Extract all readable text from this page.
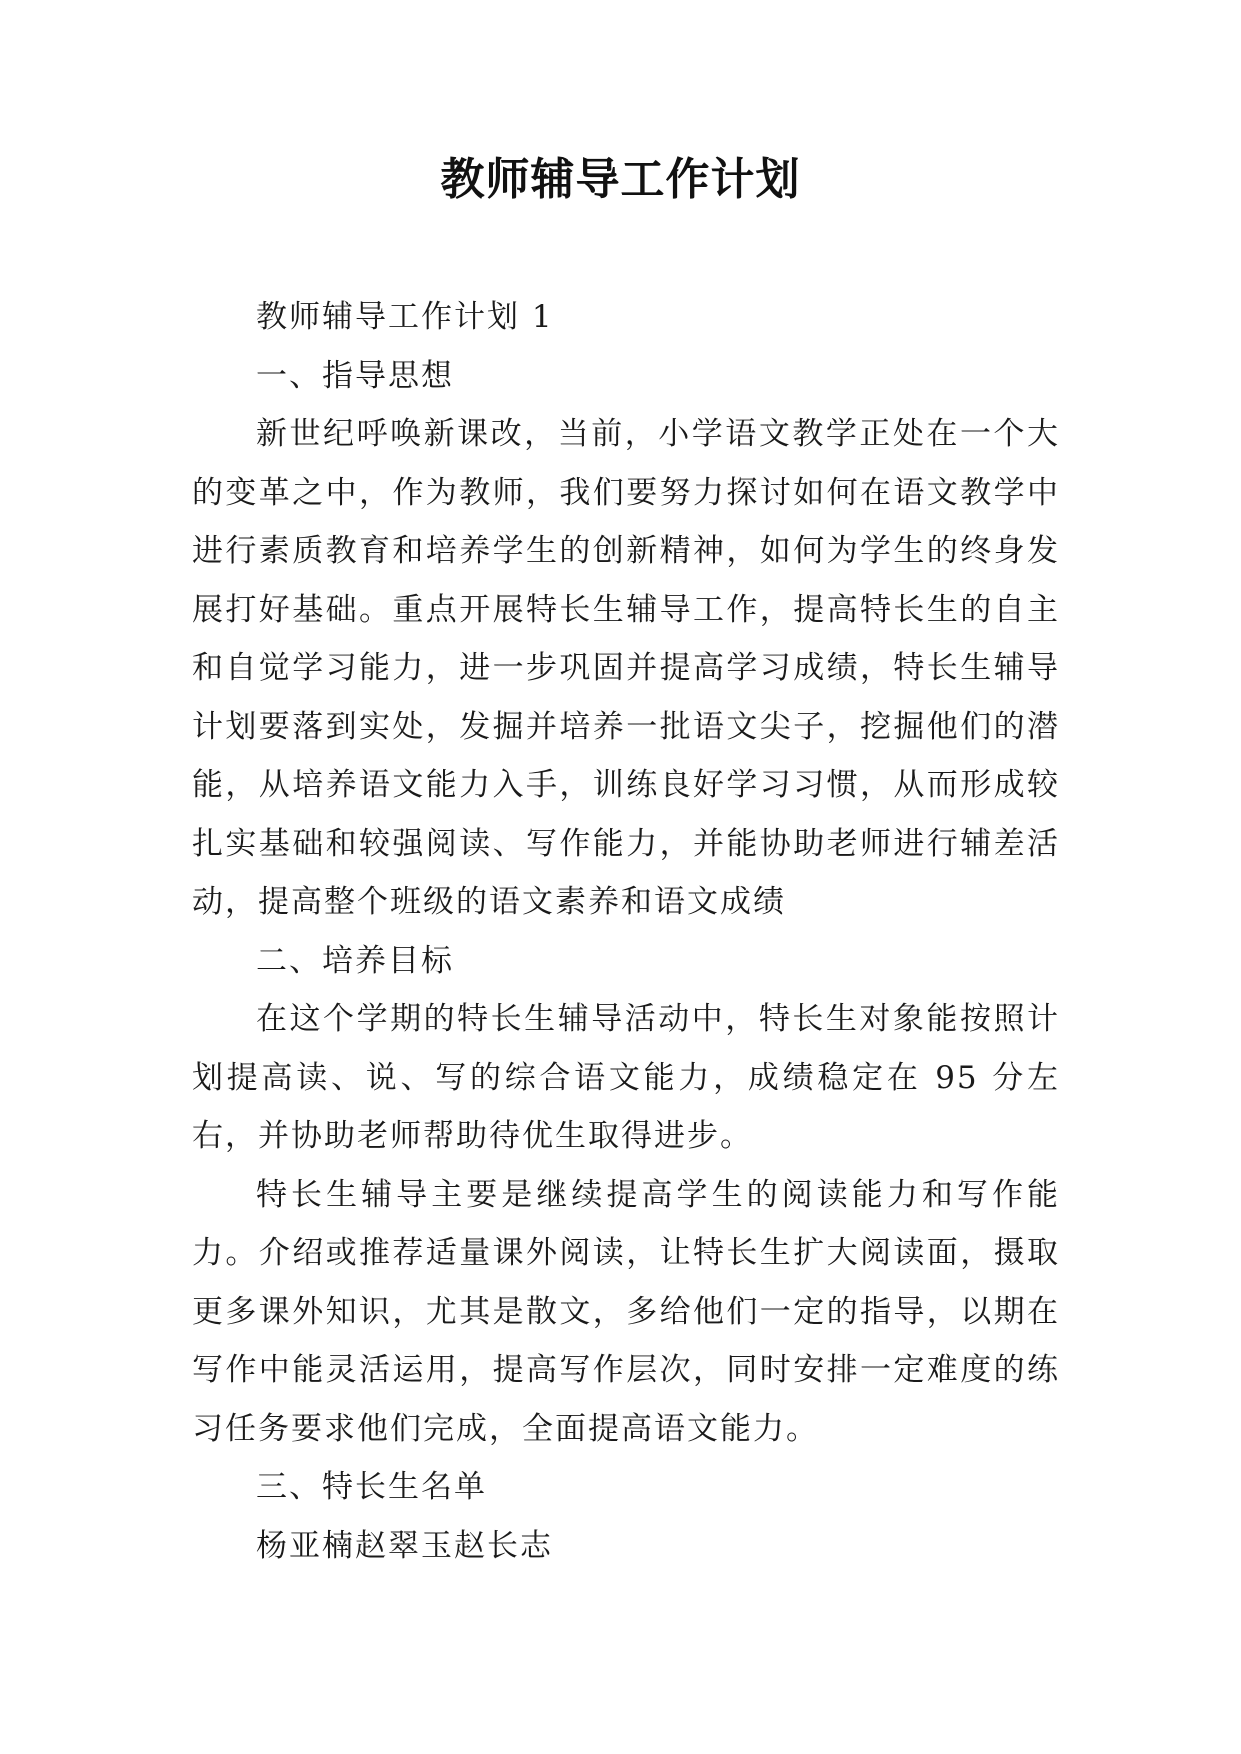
教师辅导工作计划

教师辅导工作计划 1

一、指导思想

新世纪呼唤新课改，当前，小学语文教学正处在一个大的变革之中，作为教师，我们要努力探讨如何在语文教学中进行素质教育和培养学生的创新精神，如何为学生的终身发展打好基础。重点开展特长生辅导工作，提高特长生的自主和自觉学习能力，进一步巩固并提高学习成绩，特长生辅导计划要落到实处，发掘并培养一批语文尖子，挖掘他们的潜能，从培养语文能力入手，训练良好学习习惯，从而形成较扎实基础和较强阅读、写作能力，并能协助老师进行辅差活动，提高整个班级的语文素养和语文成绩

二、培养目标

在这个学期的特长生辅导活动中，特长生对象能按照计划提高读、说、写的综合语文能力，成绩稳定在 95 分左右，并协助老师帮助待优生取得进步。

特长生辅导主要是继续提高学生的阅读能力和写作能力。介绍或推荐适量课外阅读，让特长生扩大阅读面，摄取更多课外知识，尤其是散文，多给他们一定的指导，以期在写作中能灵活运用，提高写作层次，同时安排一定难度的练习任务要求他们完成，全面提高语文能力。

三、特长生名单

杨亚楠赵翠玉赵长志
